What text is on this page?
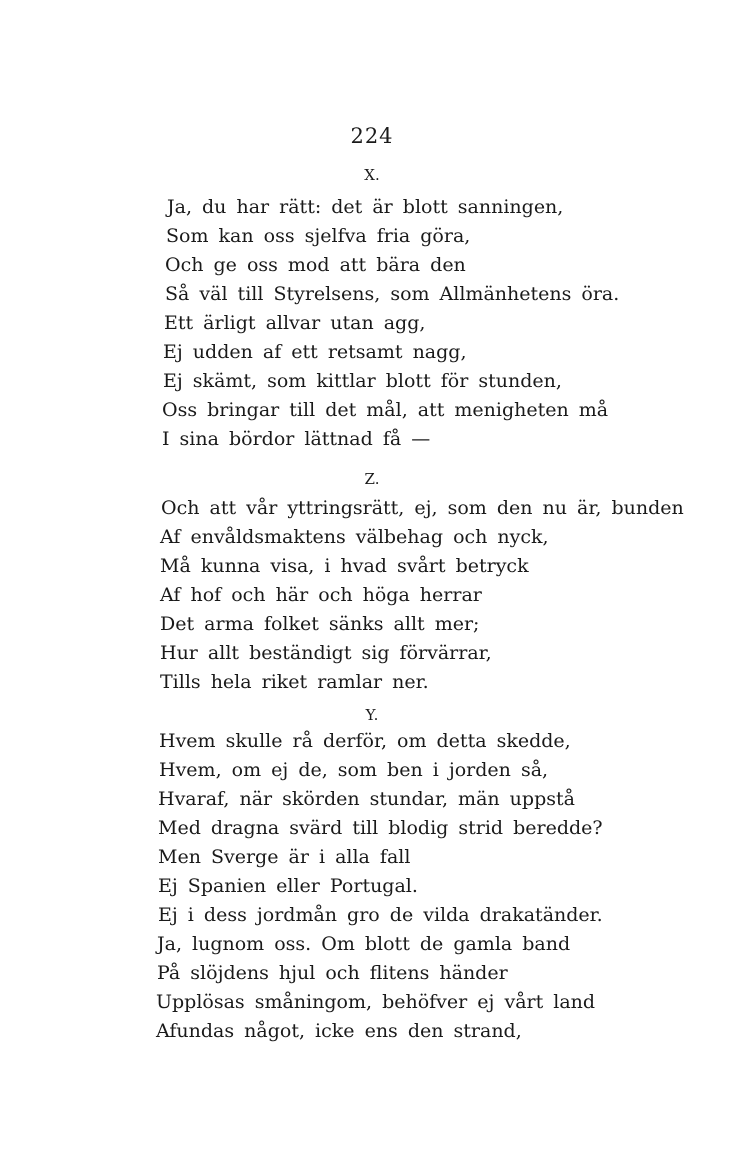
224
X.
Ja, du har rätt: det är blott sanningen,
Som kan oss sjelfva fria göra,
Och ge oss mod att bära den
Så väl till Styrelsens, som Allmänhetens öra.
Ett ärligt allvar utan agg,
Ej udden af ett retsamt nagg,
Ej skämt, som kittlar blott för stunden,
Oss bringar till det mål, att menigheten må
I sina bördor lättnad få —
Z.
Och att vår yttringsrätt, ej, som den nu är, bunden
Af envåldsmaktens välbehag och nyck,
Må kunna visa, i hvad svårt betryck
Af hof och här och höga herrar
Det arma folket sänks allt mer;
Hur allt beständigt sig förvärrar,
Tills hela riket ramlar ner.
Y.
Hvem skulle rå derför, om detta skedde,
Hvem, om ej de, som ben i jorden så,
Hvaraf, när skörden stundar, män uppstå
Med dragna svärd till blodig strid beredde?
Men Sverge är i alla fall
Ej Spanien eller Portugal.
Ej i dess jordmån gro de vilda drakatänder.
Ja, lugnom oss. Om blott de gamla band
På slöjdens hjul och flitens händer
Upplösas småningom, behöfver ej vårt land
Afundas något, icke ens den strand,
